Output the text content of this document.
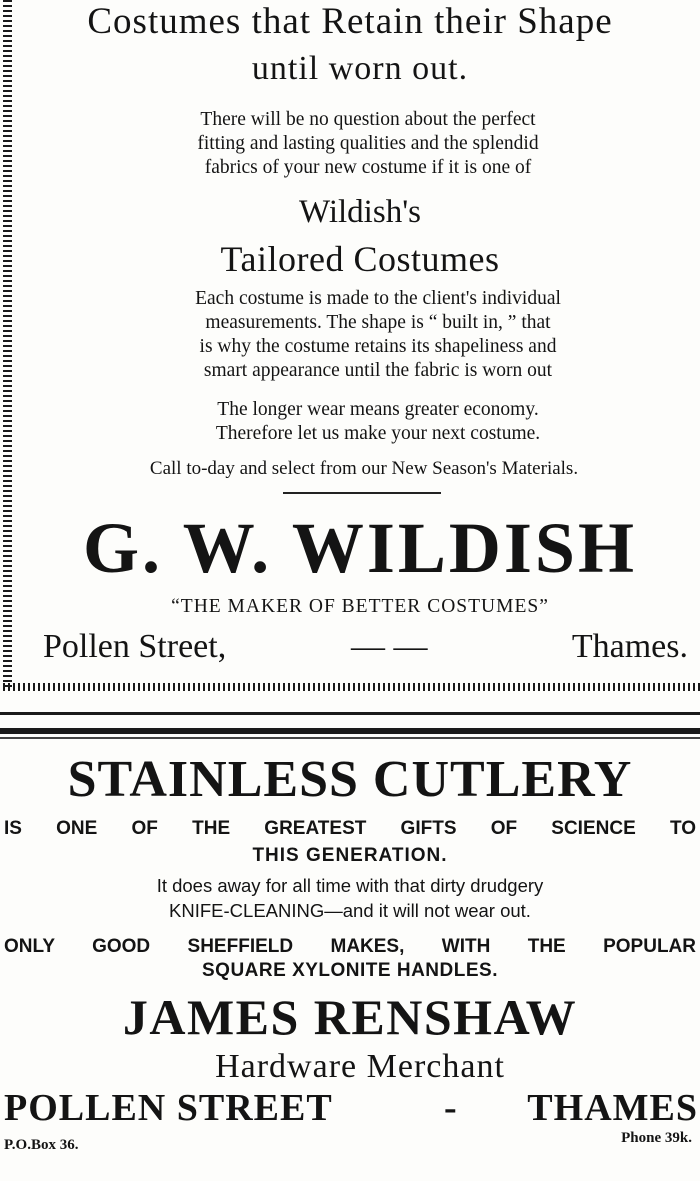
Costumes that Retain their Shape
until worn out.
There will be no question about the perfect
fitting and lasting qualities and the splendid
fabrics of your new costume if it is one of
Wildish's
Tailored Costumes
Each costume is made to the client's individual
measurements. The shape is “ built in, ” that
is why the costume retains its shapeliness and
smart appearance until the fabric is worn out
The longer wear means greater economy.
Therefore let us make your next costume.
Call to-day and select from our New Season's Materials.
G. W. WILDISH
“THE MAKER OF BETTER COSTUMES”
Pollen Street,	— —	Thames.
STAINLESS CUTLERY
IS ONE OF THE GREATEST GIFTS OF SCIENCE TO
THIS GENERATION.
It does away for all time with that dirty drudgery
KNIFE-CLEANING—and it will not wear out.
ONLY GOOD SHEFFIELD MAKES, WITH THE POPULAR
SQUARE XYLONITE HANDLES.
JAMES RENSHAW
Hardware Merchant
POLLEN STREET	- THAMES
P.O.Box 36.	Phone 39k.
